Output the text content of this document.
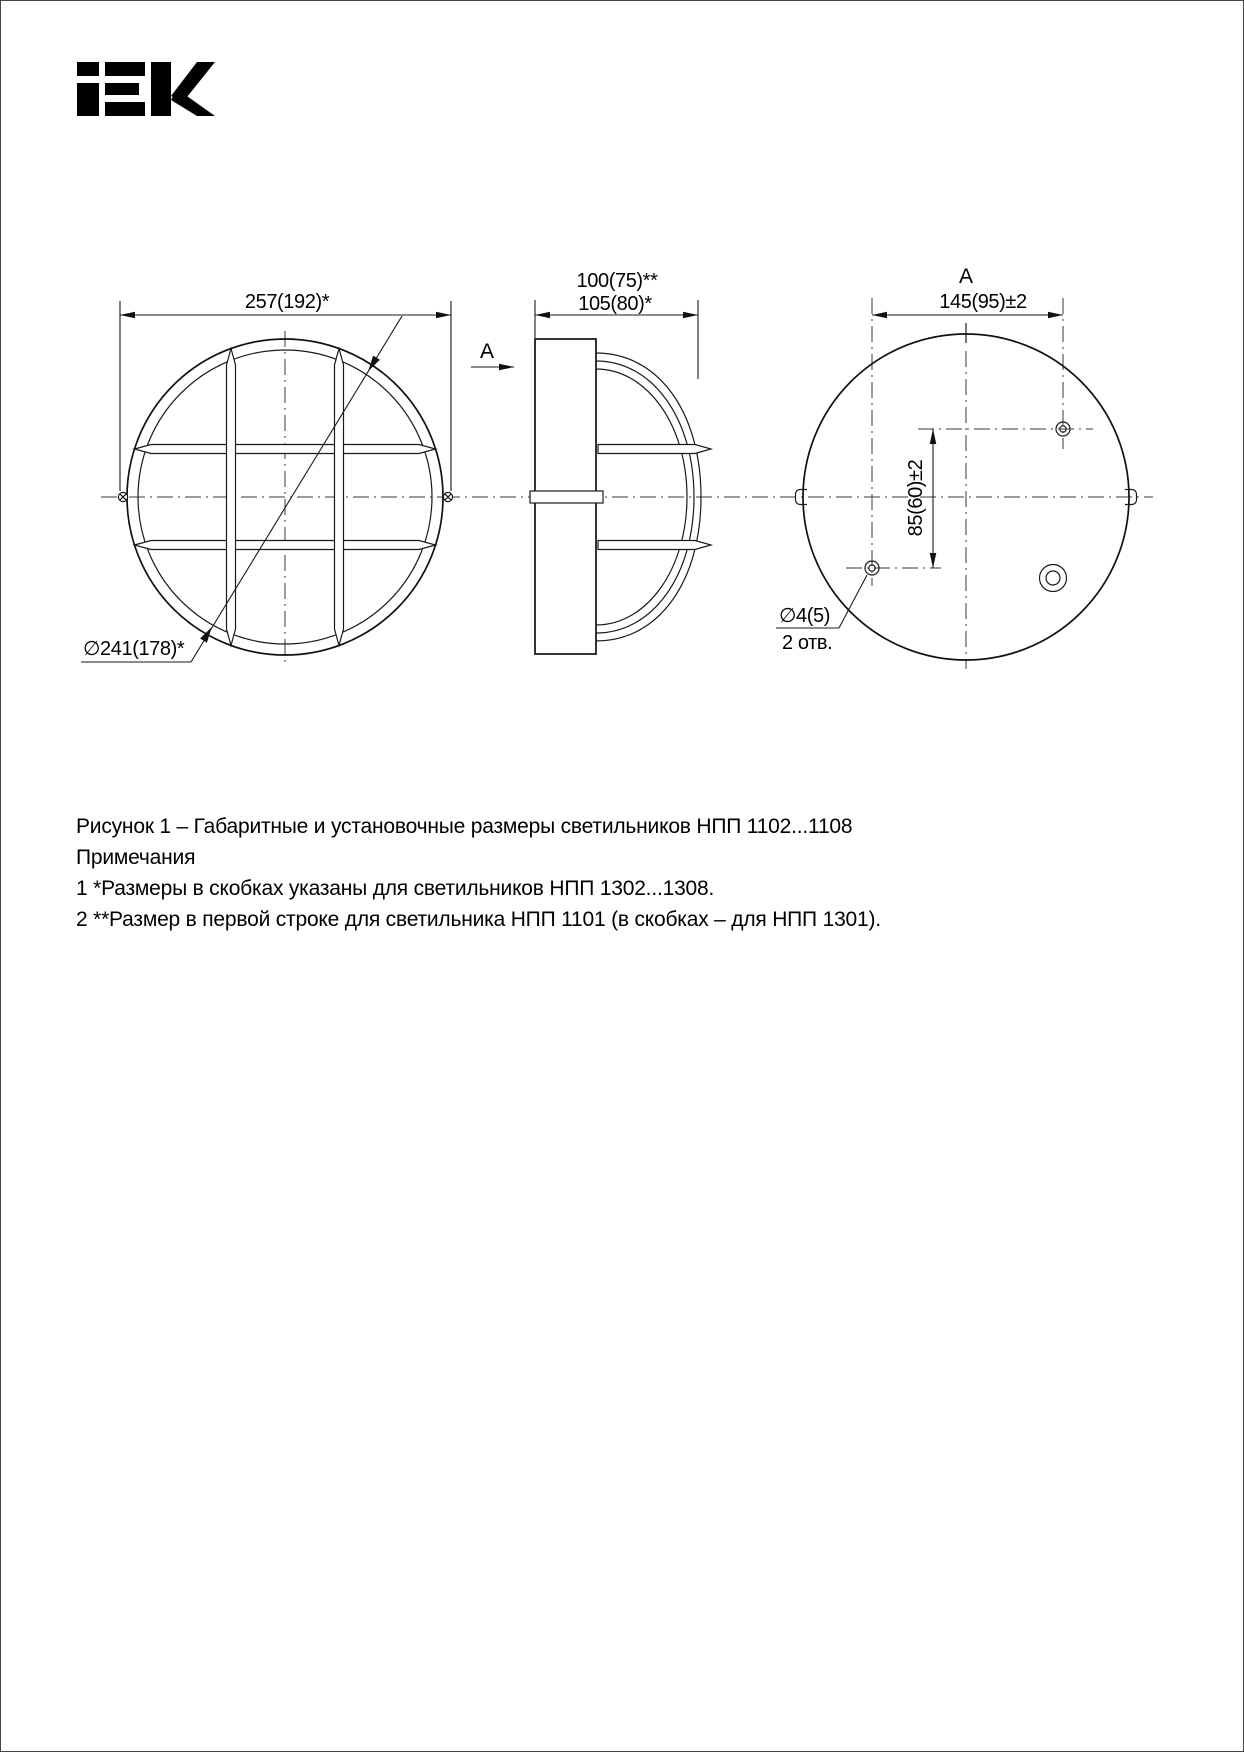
257(192)*
∅241(178)*
А
100(75)**
105(80)*
А
145(95)±2
85(60)±2
∅4(5)
2 отв.

Рисунок 1 – Габаритные и установочные размеры светильников НПП 1102...1108

Примечания

1 *Размеры в скобках указаны для светильников НПП 1302...1308.

2 **Размер в первой строке для светильника НПП 1101 (в скобках – для НПП 1301).
